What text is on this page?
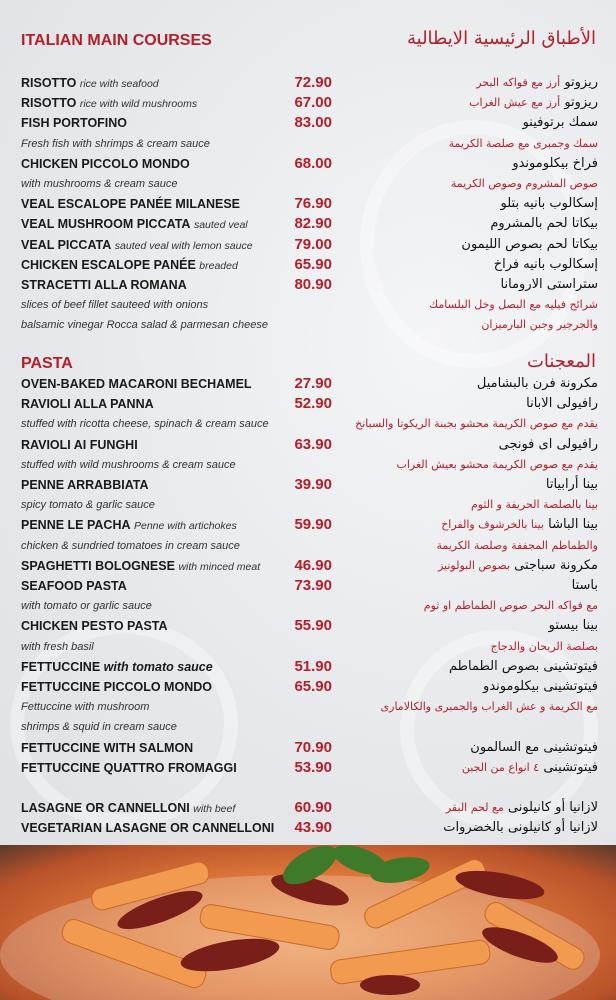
ITALIAN MAIN COURSES	الأطباق الرئيسية الايطالية
RISOTTO rice with seafood	72.90	ريزوتو أرز مع فواكه البحر
RISOTTO rice with wild mushrooms	67.00	ريزوتو أرز مع عيش الغراب
FISH PORTOFINO	83.00	سمك برتوفينو
Fresh fish with shrimps & cream sauce	سمك وجمبرى مع صلصة الكريمة
CHICKEN PICCOLO MONDO	68.00	فراخ بيكلوموندو
with mushrooms & cream sauce	صوص المشروم وصوص الكريمة
VEAL ESCALOPE PANÉE MILANESE	76.90	إسكالوب بانيه بتلو
VEAL MUSHROOM PICCATA sauted veal	82.90	بيكاتا لحم بالمشروم
VEAL PICCATA sauted veal with lemon sauce	79.00	بيكاتا لحم بصوص الليمون
CHICKEN ESCALOPE PANÉE breaded	65.90	إسكالوب بانيه فراخ
STRACETTI ALLA ROMANA	80.90	ستراستى الارومانا
slices of beef fillet sauteed with onions	شرائح فيليه مع البصل وخل البلسامك
balsamic vinegar Rocca salad & parmesan cheese	والجرجير وجبن البارميزان
PASTA	المعجنات
OVEN-BAKED MACARONI BECHAMEL	27.90	مكرونة فرن بالبشاميل
RAVIOLI ALLA PANNA	52.90	رافيولى الابانا
stuffed with ricotta cheese, spinach & cream sauce	يقدم مع صوص الكريمة محشو بجبنة الريكوتا والسبانخ
RAVIOLI AI FUNGHI	63.90	رافيولى اى فونجى
stuffed with wild mushrooms & cream sauce	يقدم مع صوص الكريمة محشو بعيش الغراب
PENNE ARRABBIATA	39.90	بينا أرابياتا
spicy tomato & garlic sauce	بينا بالصلصة الحريفة و الثوم
PENNE LE PACHA Penne with artichokes	59.90	بينا الباشا بينا بالخرشوف والفراخ
chicken & sundried tomatoes in cream sauce	والطماطم المجففة وصلصة الكريمة
SPAGHETTI BOLOGNESE with minced meat	46.90	مكرونة سباجتى بصوص البولونيز
SEAFOOD PASTA	73.90	باستا
with tomato or garlic sauce	مع فواكه البحر صوص الطماطم او ثوم
CHICKEN PESTO PASTA	55.90	بينا بيستو
with fresh basil	بصلصة الريحان والدجاج
FETTUCCINE with tomato sauce	51.90	فيتوتشينى بصوص الطماطم
FETTUCCINE PICCOLO MONDO	65.90	فيتوتشينى بيكلوموندو
Fettuccine with mushroom	مع الكريمة و عش الغراب والجمبرى والكالامارى
shrimps & squid in cream sauce
FETTUCCINE WITH SALMON	70.90	فيتوتشينى مع السالمون
FETTUCCINE QUATTRO FROMAGGI	53.90	فيتوتشينى ٤ انواع من الجبن
LASAGNE OR CANNELLONI with beef	60.90	لازانيا أو كانيلونى مع لحم البقر
VEGETARIAN LASAGNE OR CANNELLONI	43.90	لازانيا أو كانيلونى بالخضروات
